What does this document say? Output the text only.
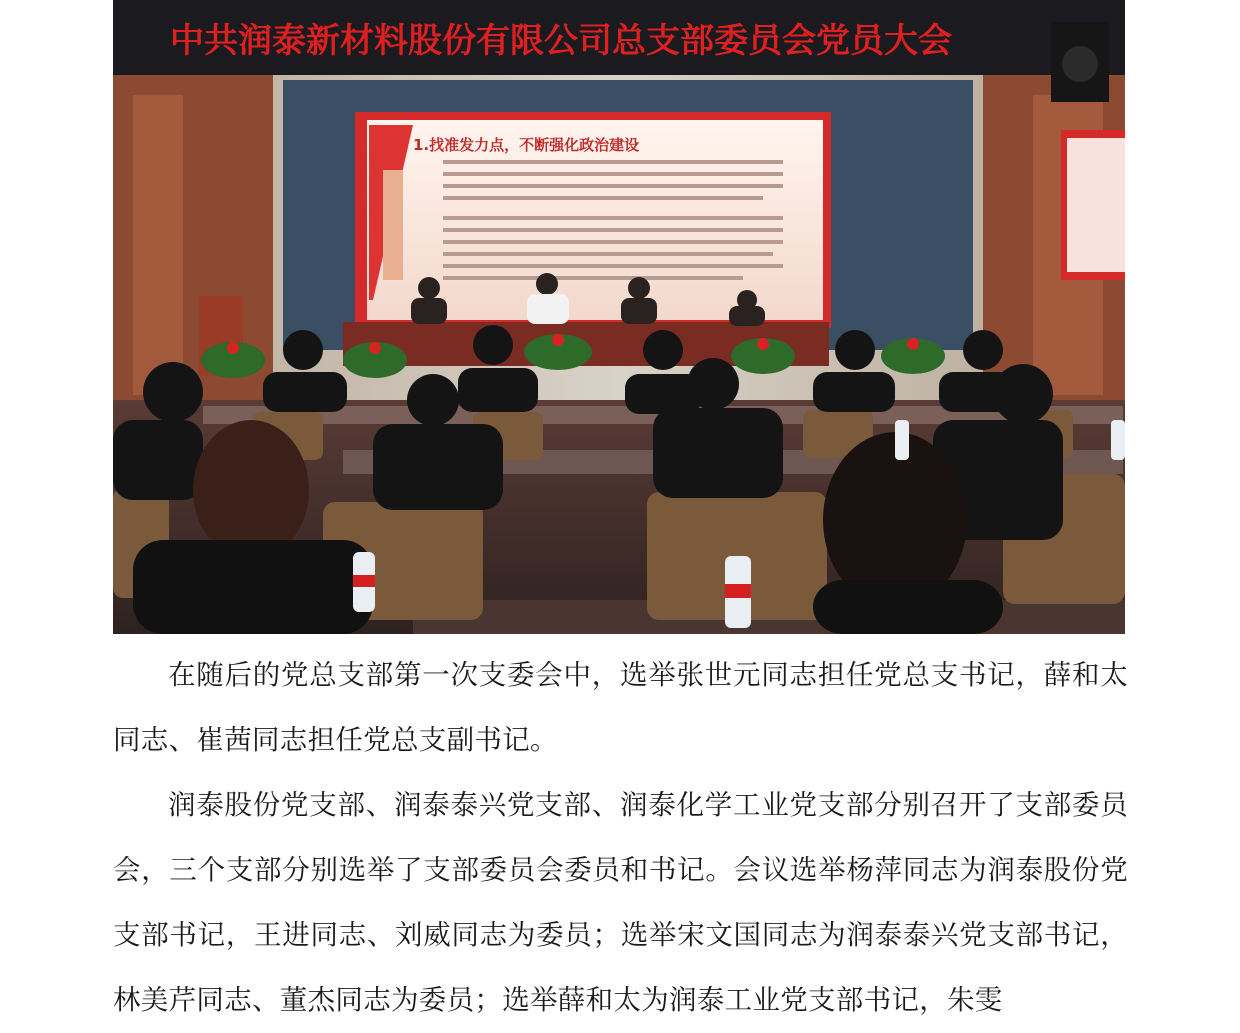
中共润泰新材料股份有限公司总支部委员会党员大会
1.找准发力点，不断强化政治建设

在随后的党总支部第一次支委会中，选举张世元同志担任党总支书记，薛和太同志、崔茜同志担任党总支副书记。

润泰股份党支部、润泰泰兴党支部、润泰化学工业党支部分别召开了支部委员会，三个支部分别选举了支部委员会委员和书记。会议选举杨萍同志为润泰股份党支部书记，王进同志、刘威同志为委员；选举宋文国同志为润泰泰兴党支部书记，林美芹同志、董杰同志为委员；选举薛和太为润泰工业党支部书记，朱雯
